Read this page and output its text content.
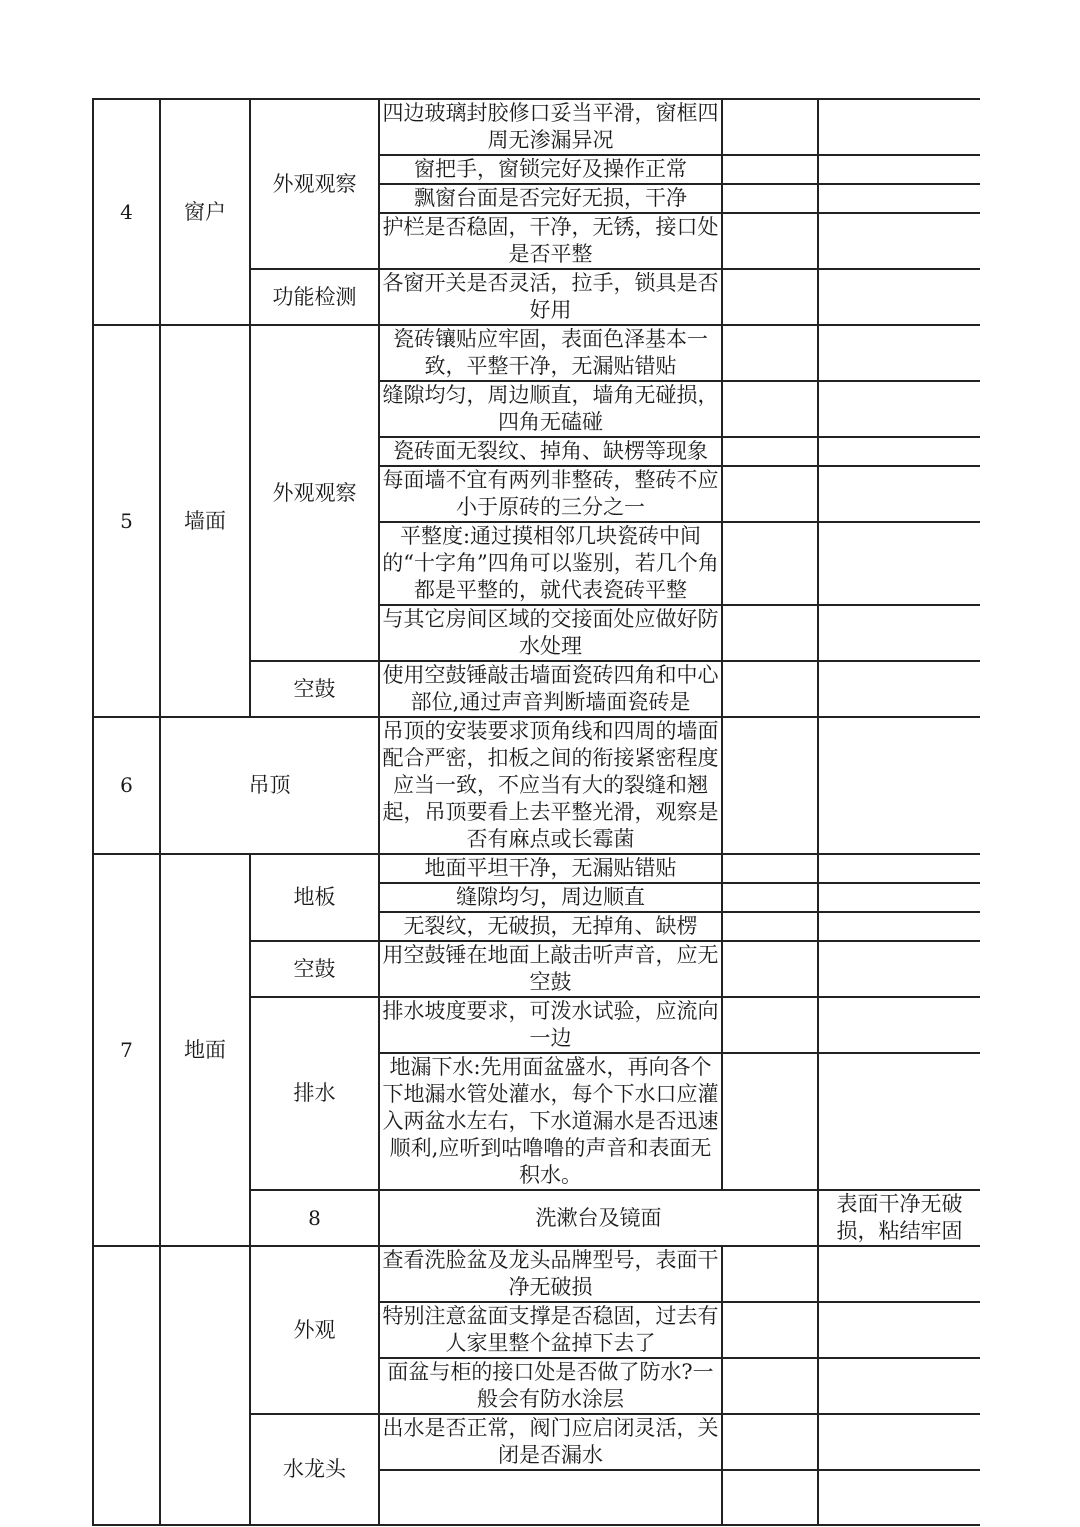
4	窗户	外观观察	四边玻璃封胶修口妥当平滑，窗框四周无渗漏异况			
			窗把手，窗锁完好及操作正常			
			飘窗台面是否完好无损，干净			
			护栏是否稳固，干净，无锈，接口处是否平整			
		功能检测	各窗开关是否灵活，拉手，锁具是否好用			
5	墙面	外观观察	瓷砖镶贴应牢固，表面色泽基本一致，平整干净，无漏贴错贴			
			缝隙均匀，周边顺直，墙角无碰损，四角无磕碰			
			瓷砖面无裂纹、掉角、缺楞等现象			
			每面墙不宜有两列非整砖，整砖不应小于原砖的三分之一			
			平整度:通过摸相邻几块瓷砖中间的“十字角”四角可以鉴别，若几个角都是平整的，就代表瓷砖平整			
			与其它房间区域的交接面处应做好防水处理			
		空鼓	使用空鼓锤敲击墙面瓷砖四角和中心部位,通过声音判断墙面瓷砖是			
6	吊顶		吊顶的安装要求顶角线和四周的墙面配合严密，扣板之间的衔接紧密程度应当一致，不应当有大的裂缝和翘起，吊顶要看上去平整光滑，观察是否有麻点或长霉菌			
7	地面	地板	地面平坦干净，无漏贴错贴			
			缝隙均匀，周边顺直			
			无裂纹，无破损，无掉角、缺楞			
		空鼓	用空鼓锤在地面上敲击听声音，应无空鼓			
		排水	排水坡度要求，可泼水试验，应流向一边			
			地漏下水:先用面盆盛水，再向各个下地漏水管处灌水，每个下水口应灌入两盆水左右，下水道漏水是否迅速顺利,应听到咕噜噜的声音和表面无积水。			
		8	洗漱台及镜面		表面干净无破损，粘结牢固		
		外观	查看洗脸盆及龙头品牌型号，表面干净无破损			
			特别注意盆面支撑是否稳固，过去有人家里整个盆掉下去了			
			面盆与柜的接口处是否做了防水?一般会有防水涂层			
		水龙头	出水是否正常，阀门应启闭灵活，关闭是否漏水			
